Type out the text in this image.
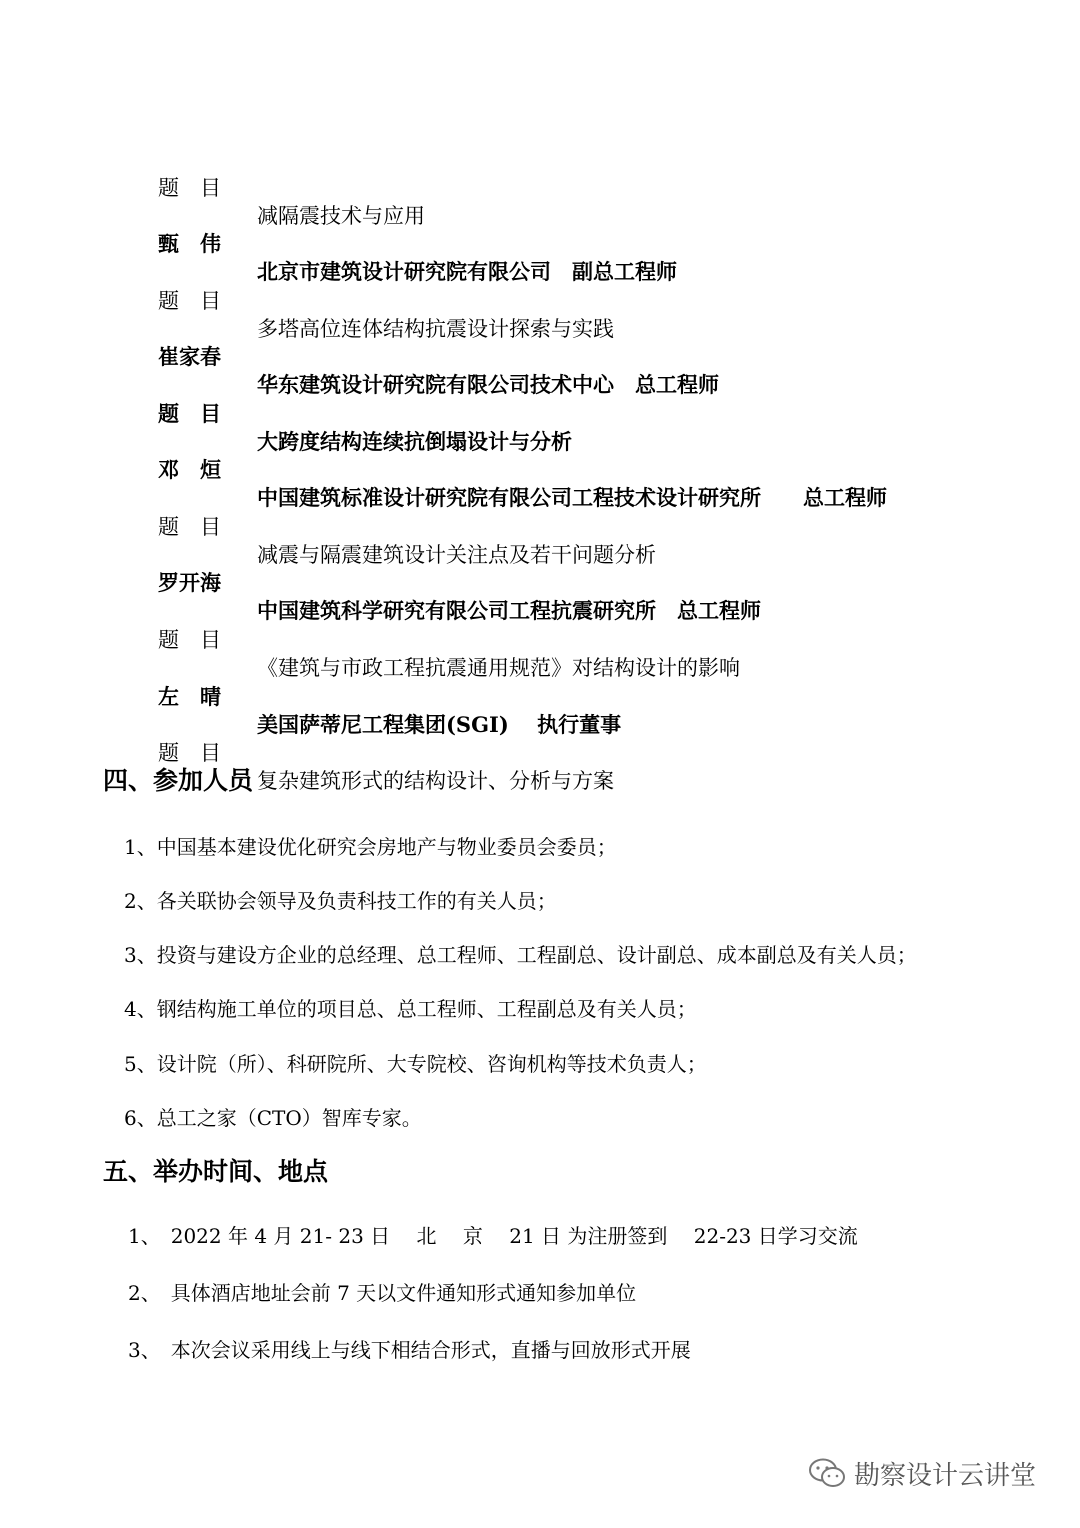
题　目

减隔震技术与应用

甄　伟

北京市建筑设计研究院有限公司　副总工程师

题　目

多塔高位连体结构抗震设计探索与实践

崔家春

华东建筑设计研究院有限公司技术中心　总工程师

题　目

大跨度结构连续抗倒塌设计与分析

邓　烜

中国建筑标准设计研究院有限公司工程技术设计研究所　　总工程师

题　目

减震与隔震建筑设计关注点及若干问题分析

罗开海

中国建筑科学研究有限公司工程抗震研究所　总工程师

题　目

《建筑与市政工程抗震通用规范》对结构设计的影响

左　晴

美国萨蒂尼工程集团(SGI)　 执行董事

题　目

复杂建筑形式的结构设计、分析与方案

四、参加人员
1、中国基本建设优化研究会房地产与物业委员会委员；
2、各关联协会领导及负责科技工作的有关人员；
3、投资与建设方企业的总经理、总工程师、工程副总、设计副总、成本副总及有关人员；
4、钢结构施工单位的项目总、总工程师、工程副总及有关人员；
5、设计院（所）、科研院所、大专院校、咨询机构等技术负责人；
6、总工之家（CTO）智库专家。
五、举办时间、地点
1、　2022 年 4 月 21- 23 日　 北　 京　 21 日 为注册签到　 22-23 日学习交流
2、　具体酒店地址会前 7 天以文件通知形式通知参加单位
3、　本次会议采用线上与线下相结合形式，直播与回放形式开展
勘察设计云讲堂
